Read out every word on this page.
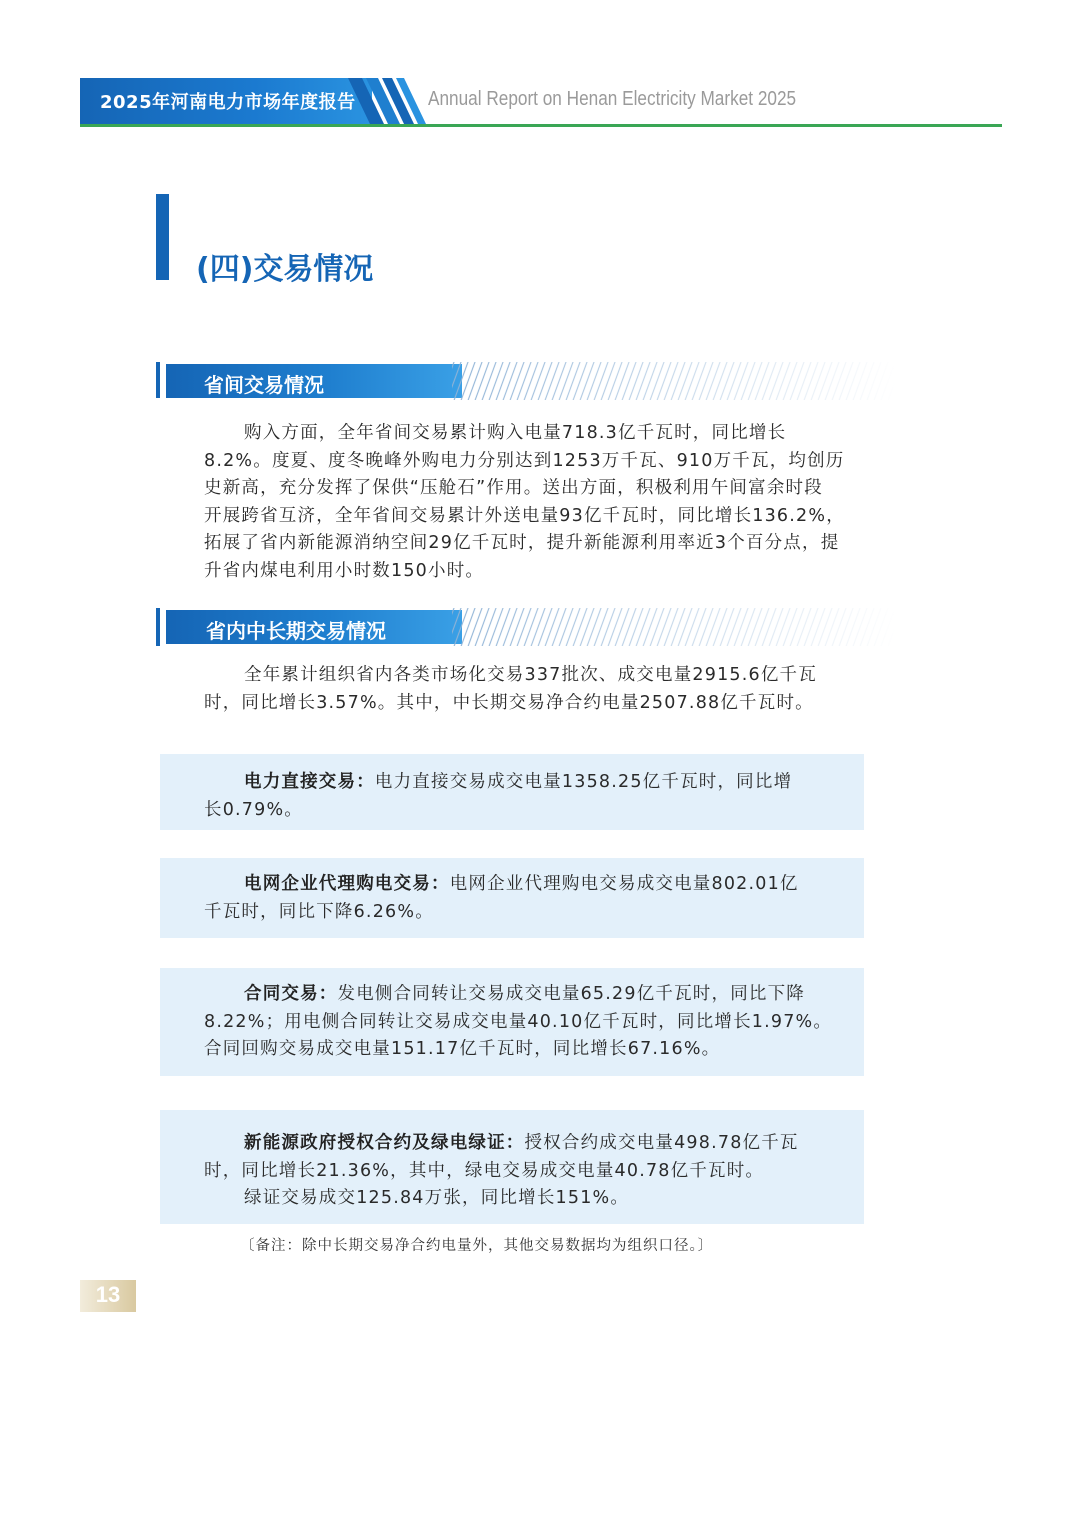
2025年河南电力市场年度报告	Annual Report on Henan Electricity Market 2025
(四)交易情况
省间交易情况
购入方面，全年省间交易累计购入电量718.3亿千瓦时，同比增长
8.2%。度夏、度冬晚峰外购电力分别达到1253万千瓦、910万千瓦，均创历
史新高，充分发挥了保供“压舱石”作用。送出方面，积极利用午间富余时段
开展跨省互济，全年省间交易累计外送电量93亿千瓦时，同比增长136.2%，
拓展了省内新能源消纳空间29亿千瓦时，提升新能源利用率近3个百分点，提
升省内煤电利用小时数150小时。
省内中长期交易情况
全年累计组织省内各类市场化交易337批次、成交电量2915.6亿千瓦
时，同比增长3.57%。其中，中长期交易净合约电量2507.88亿千瓦时。
电力直接交易：电力直接交易成交电量1358.25亿千瓦时，同比增
长0.79%。
电网企业代理购电交易：电网企业代理购电交易成交电量802.01亿
千瓦时，同比下降6.26%。
合同交易：发电侧合同转让交易成交电量65.29亿千瓦时，同比下降
8.22%；用电侧合同转让交易成交电量40.10亿千瓦时，同比增长1.97%。
合同回购交易成交电量151.17亿千瓦时，同比增长67.16%。
新能源政府授权合约及绿电绿证：授权合约成交电量498.78亿千瓦
时，同比增长21.36%，其中，绿电交易成交电量40.78亿千瓦时。
绿证交易成交125.84万张，同比增长151%。
〔备注：除中长期交易净合约电量外，其他交易数据均为组织口径。〕
13
